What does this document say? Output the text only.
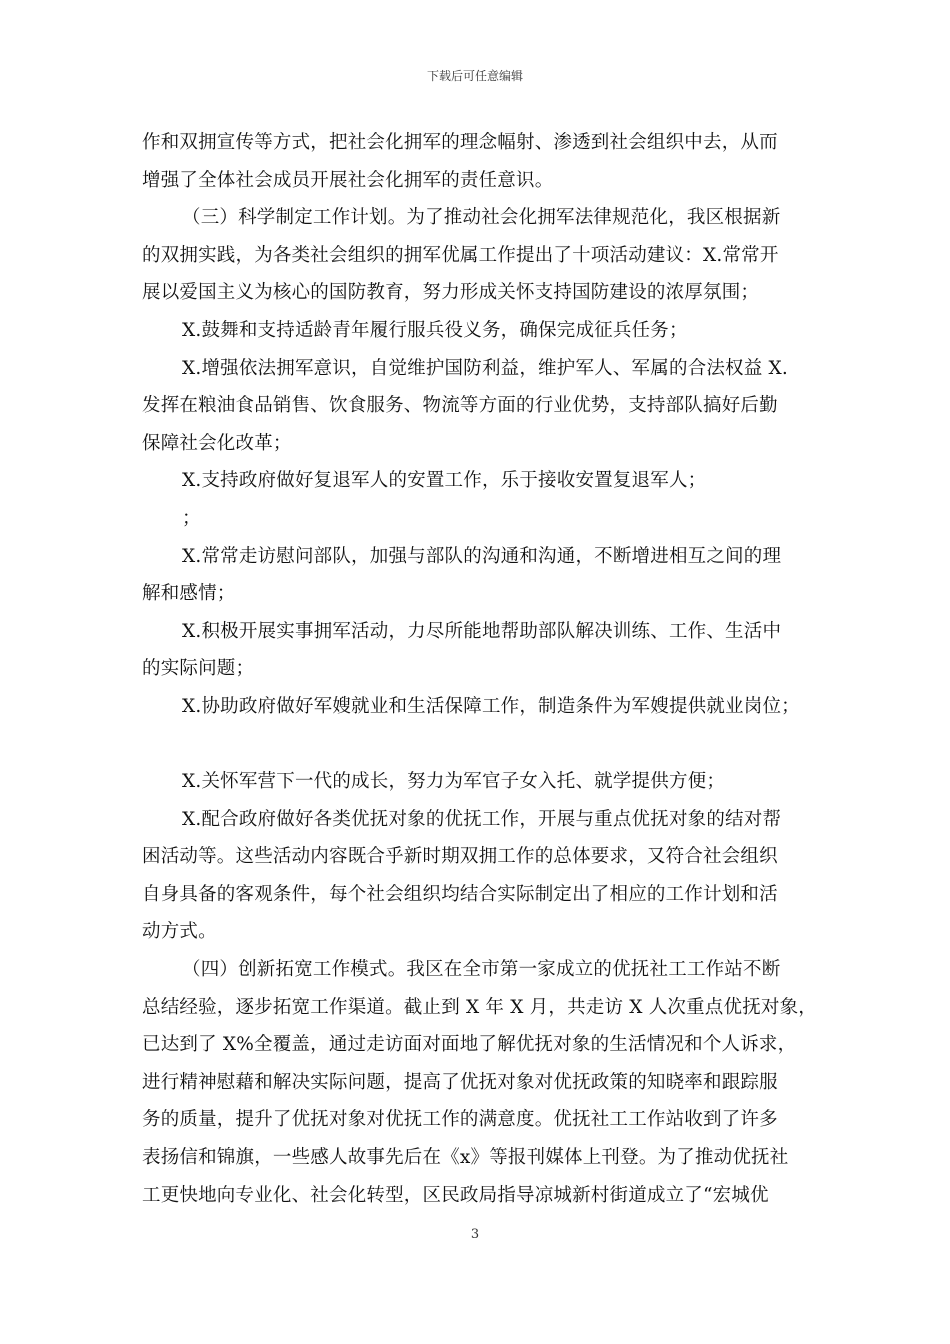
下载后可任意编辑
作和双拥宣传等方式，把社会化拥军的理念幅射、渗透到社会组织中去，从而
增强了全体社会成员开展社会化拥军的责任意识。
（三）科学制定工作计划。为了推动社会化拥军法律规范化，我区根据新
的双拥实践，为各类社会组织的拥军优属工作提出了十项活动建议：X.常常开
展以爱国主义为核心的国防教育，努力形成关怀支持国防建设的浓厚氛围；
X.鼓舞和支持适龄青年履行服兵役义务，确保完成征兵任务；
X.增强依法拥军意识，自觉维护国防利益，维护军人、军属的合法权益 X.
发挥在粮油食品销售、饮食服务、物流等方面的行业优势，支持部队搞好后勤
保障社会化改革；
X.支持政府做好复退军人的安置工作，乐于接收安置复退军人；
；
X.常常走访慰问部队，加强与部队的沟通和沟通，不断增进相互之间的理
解和感情；
X.积极开展实事拥军活动，力尽所能地帮助部队解决训练、工作、生活中
的实际问题；
X.协助政府做好军嫂就业和生活保障工作，制造条件为军嫂提供就业岗位；
X.关怀军营下一代的成长，努力为军官子女入托、就学提供方便；
X.配合政府做好各类优抚对象的优抚工作，开展与重点优抚对象的结对帮
困活动等。这些活动内容既合乎新时期双拥工作的总体要求，又符合社会组织
自身具备的客观条件，每个社会组织均结合实际制定出了相应的工作计划和活
动方式。
（四）创新拓宽工作模式。我区在全市第一家成立的优抚社工工作站不断
总结经验，逐步拓宽工作渠道。截止到 X 年 X 月，共走访 X 人次重点优抚对象，
已达到了 X%全覆盖，通过走访面对面地了解优抚对象的生活情况和个人诉求，
进行精神慰藉和解决实际问题，提高了优抚对象对优抚政策的知晓率和跟踪服
务的质量，提升了优抚对象对优抚工作的满意度。优抚社工工作站收到了许多
表扬信和锦旗，一些感人故事先后在《x》等报刊媒体上刊登。为了推动优抚社
工更快地向专业化、社会化转型，区民政局指导凉城新村街道成立了“宏城优
3
